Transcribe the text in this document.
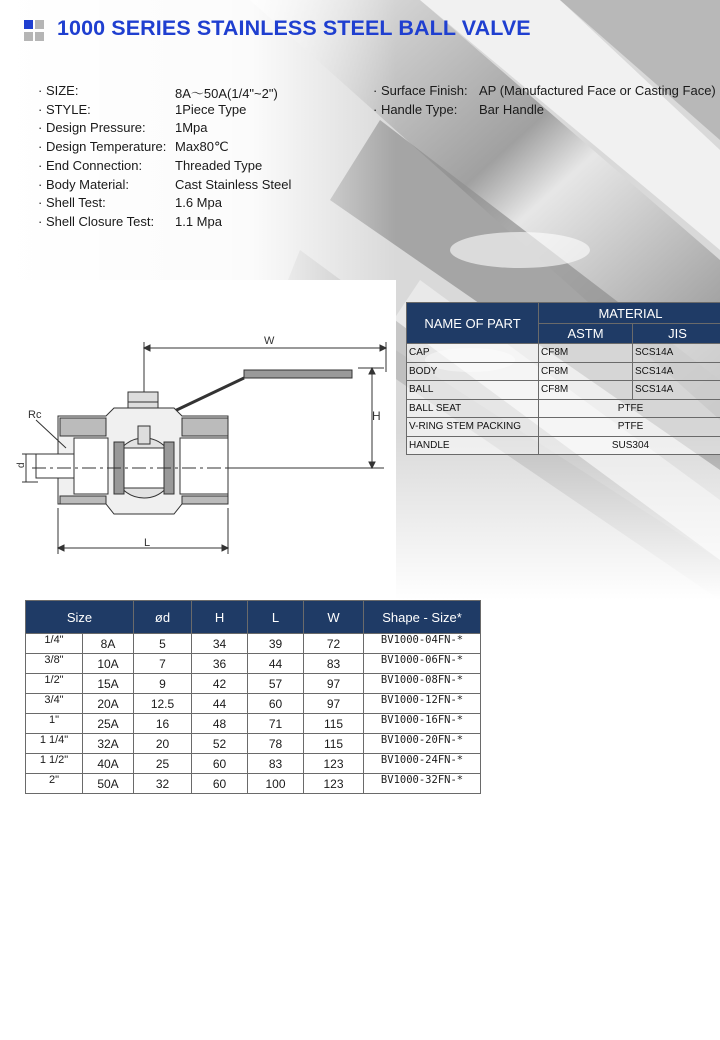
1000 SERIES STAINLESS STEEL BALL VALVE
· SIZE:	8A～50A(1/4"~2")
· STYLE:	1Piece Type
· Design Pressure: 1Mpa
· Design Temperature: Max80℃
· End Connection:	Threaded Type
· Body Material:	Cast Stainless Steel
· Shell Test:	1.6 Mpa
· Shell Closure Test: 1.1 Mpa
· Surface Finish: AP (Manufactured Face or Casting Face)
· Handle Type: Bar Handle
W
H
L
Rc
d
NAME OF PART	MATERIAL	
	ASTM	JIS
CAP	CF8M	SCS14A
BODY	CF8M	SCS14A
BALL	CF8M	SCS14A
BALL SEAT	PTFE	
V-RING STEM PACKING	PTFE	
HANDLE	SUS304	
Size		ød	H	L	W	Shape - Size*
1/4"	8A	5	34	39	72	BV1000-04FN-*
3/8"	10A	7	36	44	83	BV1000-06FN-*
1/2"	15A	9	42	57	97	BV1000-08FN-*
3/4"	20A	12.5	44	60	97	BV1000-12FN-*
1"	25A	16	48	71	115	BV1000-16FN-*
1 1/4"	32A	20	52	78	115	BV1000-20FN-*
1 1/2"	40A	25	60	83	123	BV1000-24FN-*
2"	50A	32	60	100	123	BV1000-32FN-*
